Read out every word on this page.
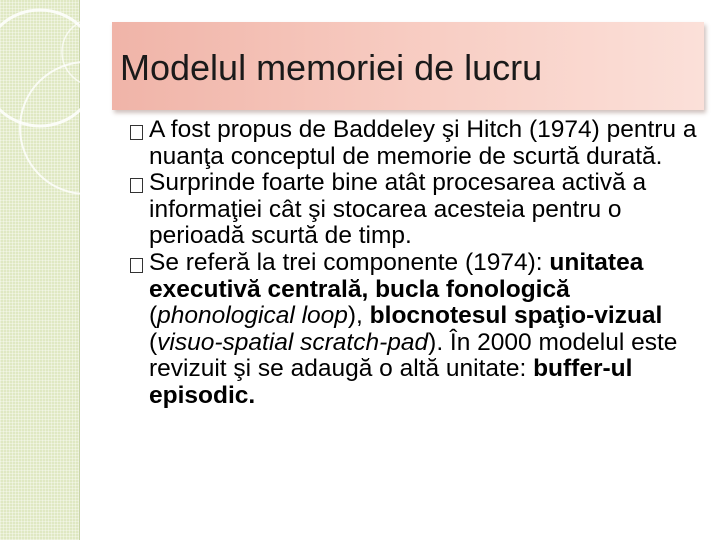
Modelul memoriei de lucru

A fost propus de Baddeley şi Hitch (1974) pentru a nuanţa conceptul de memorie de scurtă durată.

Surprinde foarte bine atât procesarea activă a informaţiei cât şi stocarea acesteia pentru o perioadă scurtă de timp.

Se referă la trei componente (1974): unitatea executivă centrală, bucla fonologică (phonological loop), blocnotesul spaţio-vizual (visuo-spatial scratch-pad). În 2000 modelul este revizuit şi se adaugă o altă unitate: buffer-ul episodic.
